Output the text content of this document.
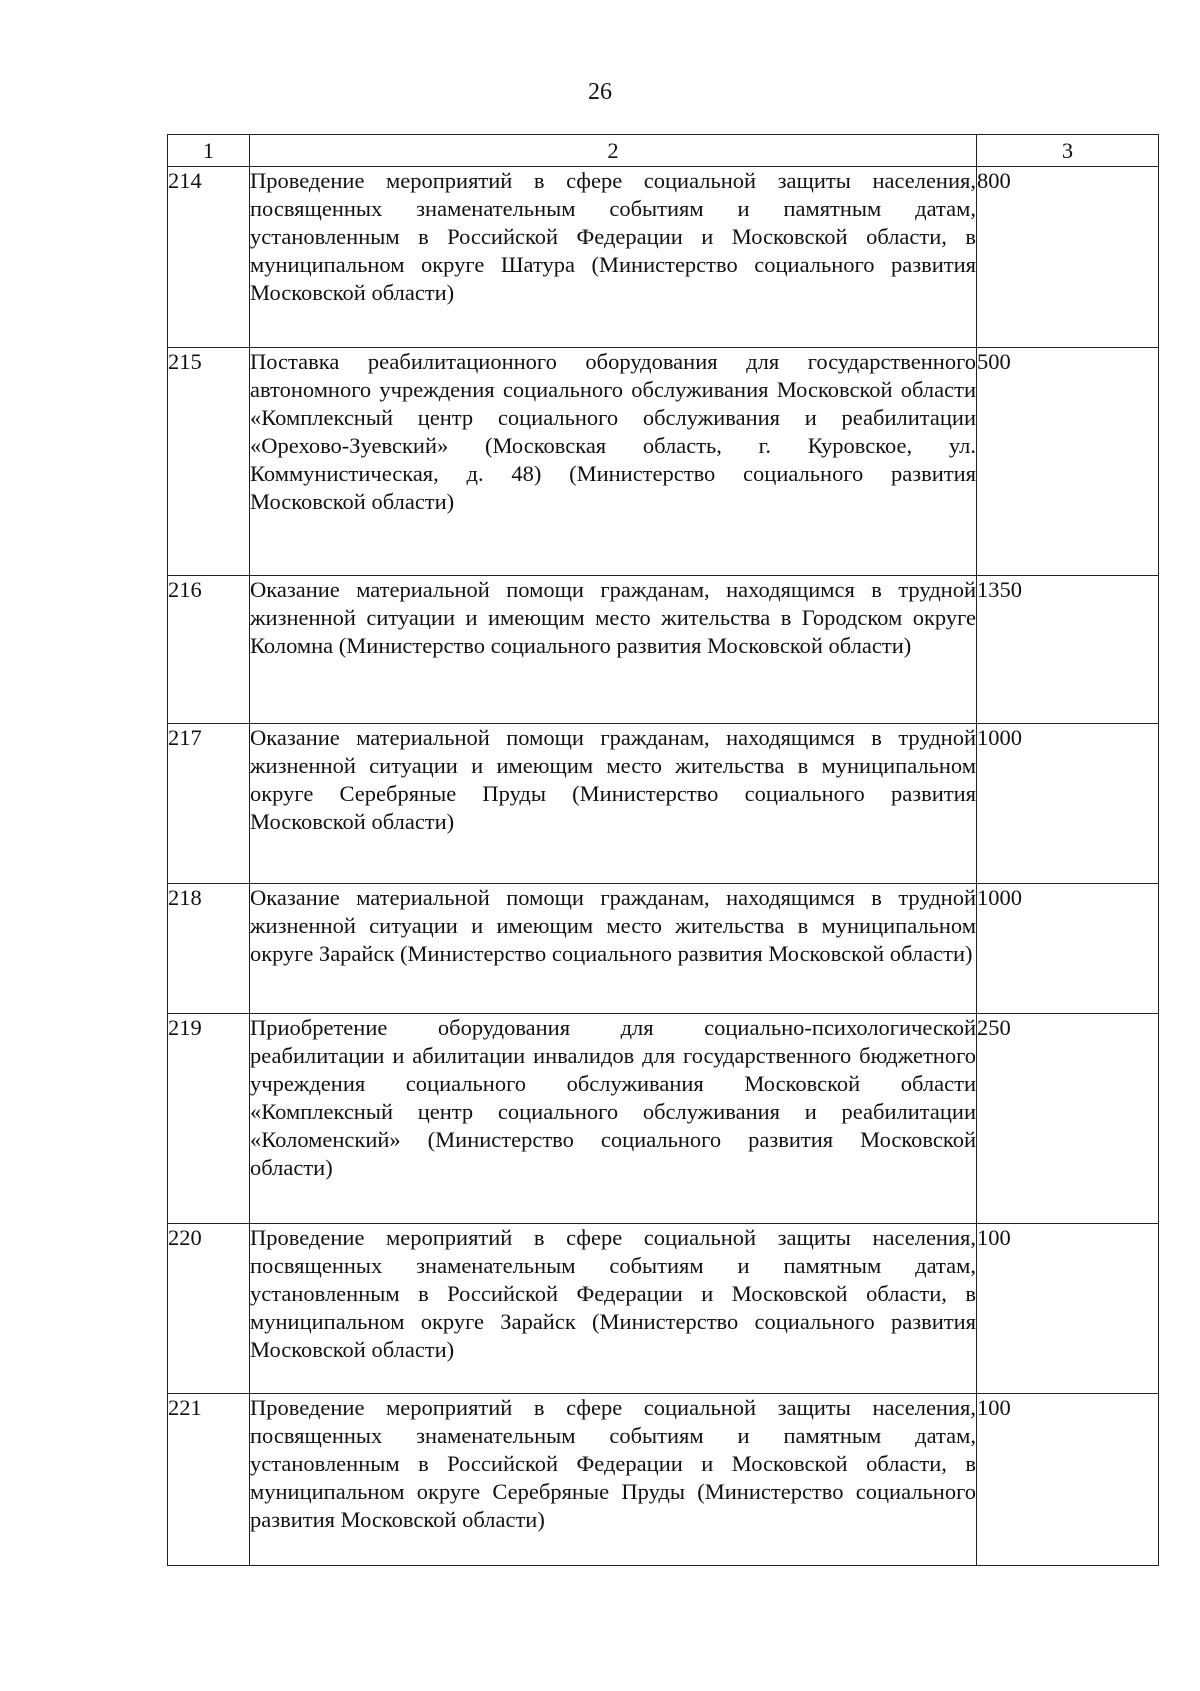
26
1	2	3
214	Проведение мероприятий в сфере социальной защиты населения, посвященных знаменательным событиям и памятным датам, установленным в Российской Федерации и Московской области, в муниципальном округе Шатура (Министерство социального развития Московской области)	800
215	Поставка реабилитационного оборудования для государственного автономного учреждения социального обслуживания Московской области «Комплексный центр социального обслуживания и реабилитации «Орехово-Зуевский» (Московская область, г. Куровское, ул. Коммунистическая, д. 48) (Министерство социального развития Московской области)	500
216	Оказание материальной помощи гражданам, находящимся в трудной жизненной ситуации и имеющим место жительства в Городском округе Коломна (Министерство социального развития Московской области)	1350
217	Оказание материальной помощи гражданам, находящимся в трудной жизненной ситуации и имеющим место жительства в муниципальном округе Серебряные Пруды (Министерство социального развития Московской области)	1000
218	Оказание материальной помощи гражданам, находящимся в трудной жизненной ситуации и имеющим место жительства в муниципальном округе Зарайск (Министерство социального развития Московской области)	1000
219	Приобретение оборудования для социально-психологической реабилитации и абилитации инвалидов для государственного бюджетного учреждения социального обслуживания Московской области «Комплексный центр социального обслуживания и реабилитации «Коломенский» (Министерство социального развития Московской области)	250
220	Проведение мероприятий в сфере социальной защиты населения, посвященных знаменательным событиям и памятным датам, установленным в Российской Федерации и Московской области, в муниципальном округе Зарайск (Министерство социального развития Московской области)	100
221	Проведение мероприятий в сфере социальной защиты населения, посвященных знаменательным событиям и памятным датам, установленным в Российской Федерации и Московской области, в муниципальном округе Серебряные Пруды (Министерство социального развития Московской области)	100
